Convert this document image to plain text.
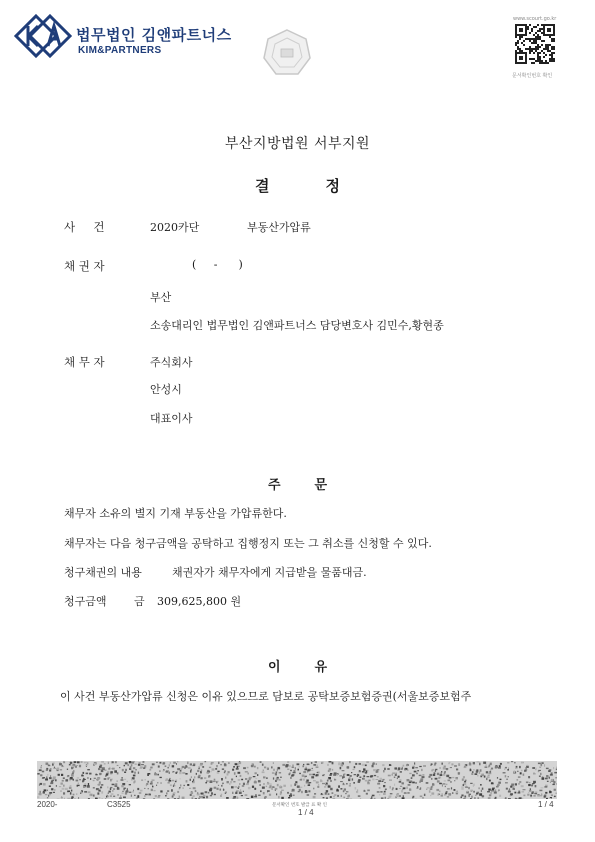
법무법인 김앤파트너스
KIM&PARTNERS
www.scourt.go.kr
문서확인번호 확인
부산지방법원 서부지원
결	정
사     건	2020카단	부동산가압류
채 권 자	(     -      )
부산
소송대리인 법무법인 김앤파트너스 담당변호사 김민수,황현종
채 무 자	주식회사
안성시
대표이사
주	문
채무자 소유의 별지 기재 부동산을 가압류한다.
채무자는 다음 청구금액을 공탁하고 집행정지 또는 그 취소를 신청할 수 있다.
청구채권의 내용	채권자가 채무자에게 지급받을 물품대금.
청구금액 금 309,625,800 원
이	유
이 사건 부동산가압류 신청은 이유 있으므로 담보로 공탁보증보험증권(서울보증보험주
2020-	C3525	문서확인 번호 발급 표 확 인
1 / 4
1 / 4
